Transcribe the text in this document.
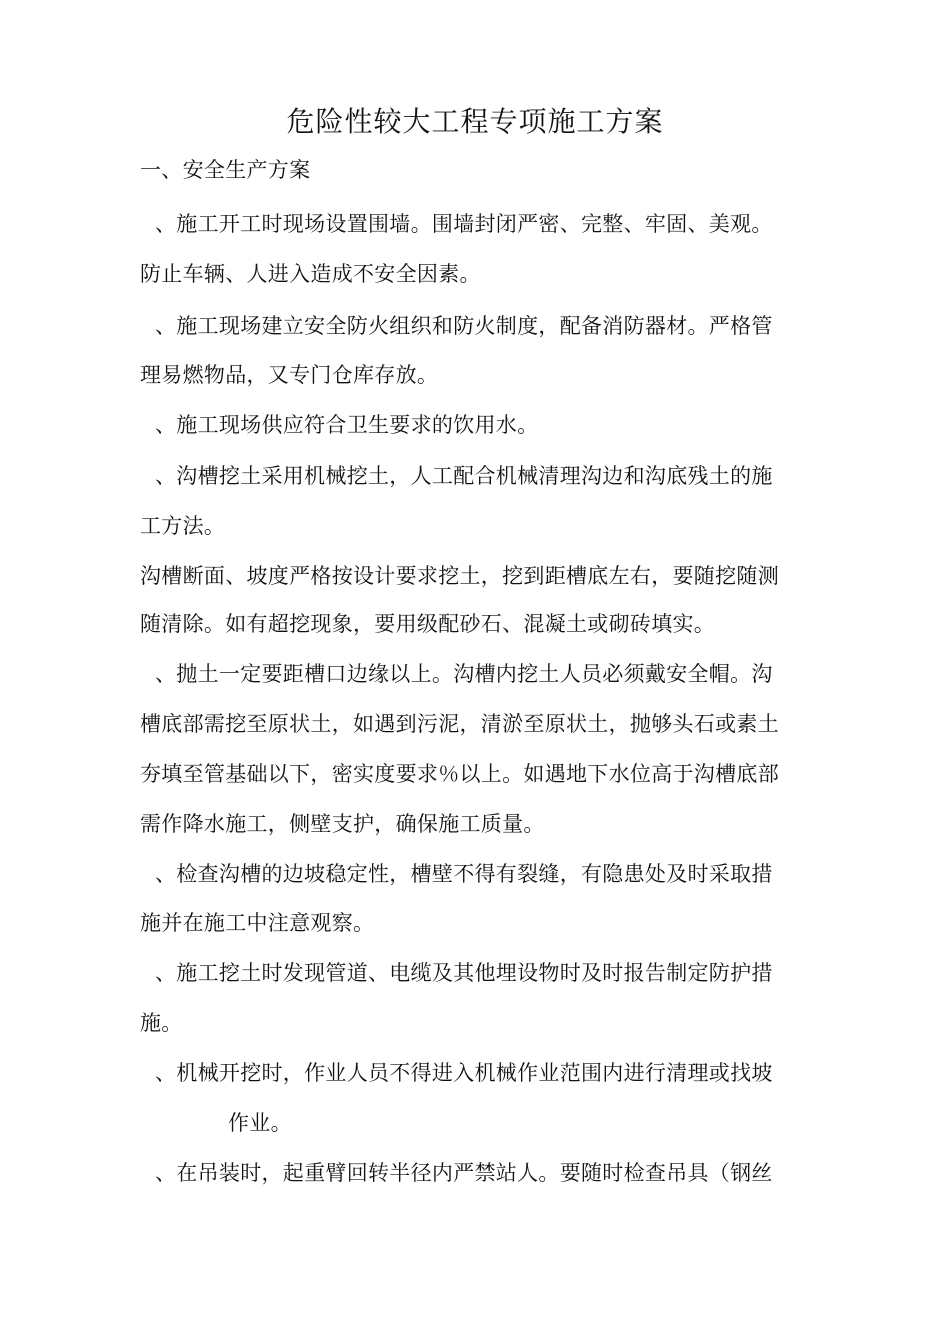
危险性较大工程专项施工方案
一、安全生产方案
、施工开工时现场设置围墙。围墙封闭严密、完整、牢固、美观。
防止车辆、人进入造成不安全因素。
、施工现场建立安全防火组织和防火制度，配备消防器材。严格管
理易燃物品，又专门仓库存放。
、施工现场供应符合卫生要求的饮用水。
、沟槽挖土采用机械挖土，人工配合机械清理沟边和沟底残土的施
工方法。
沟槽断面、坡度严格按设计要求挖土，挖到距槽底左右，要随挖随测
随清除。如有超挖现象，要用级配砂石、混凝土或砌砖填实。
、抛土一定要距槽口边缘以上。沟槽内挖土人员必须戴安全帽。沟
槽底部需挖至原状土，如遇到污泥，清淤至原状土，抛够头石或素土
夯填至管基础以下，密实度要求％以上。如遇地下水位高于沟槽底部
需作降水施工，侧壁支护，确保施工质量。
、检查沟槽的边坡稳定性，槽壁不得有裂缝，有隐患处及时采取措
施并在施工中注意观察。
、施工挖土时发现管道、电缆及其他埋设物时及时报告制定防护措
施。
、机械开挖时，作业人员不得进入机械作业范围内进行清理或找坡
作业。
、在吊装时，起重臂回转半径内严禁站人。要随时检查吊具（钢丝
